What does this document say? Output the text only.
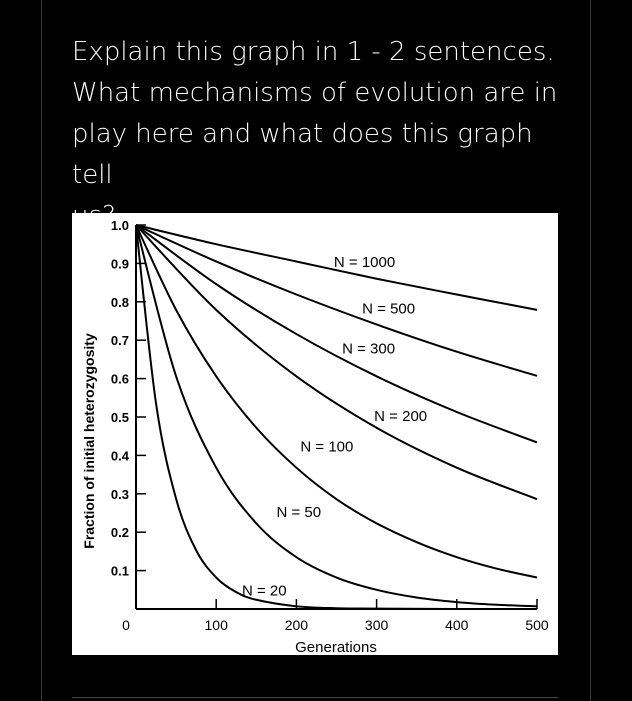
Explain this graph in 1 - 2 sentences.
What mechanisms of evolution are in
play here and what does this graph tell
0.1
0.2
0.3
0.4
0.5
0.6
0.7
0.8
0.9
1.0
0	100	200	300	400	500
N = 1000
N = 500
N = 300
N = 200
N = 100
N = 50
N = 20
Generations
Fraction of initial heterozygosity
